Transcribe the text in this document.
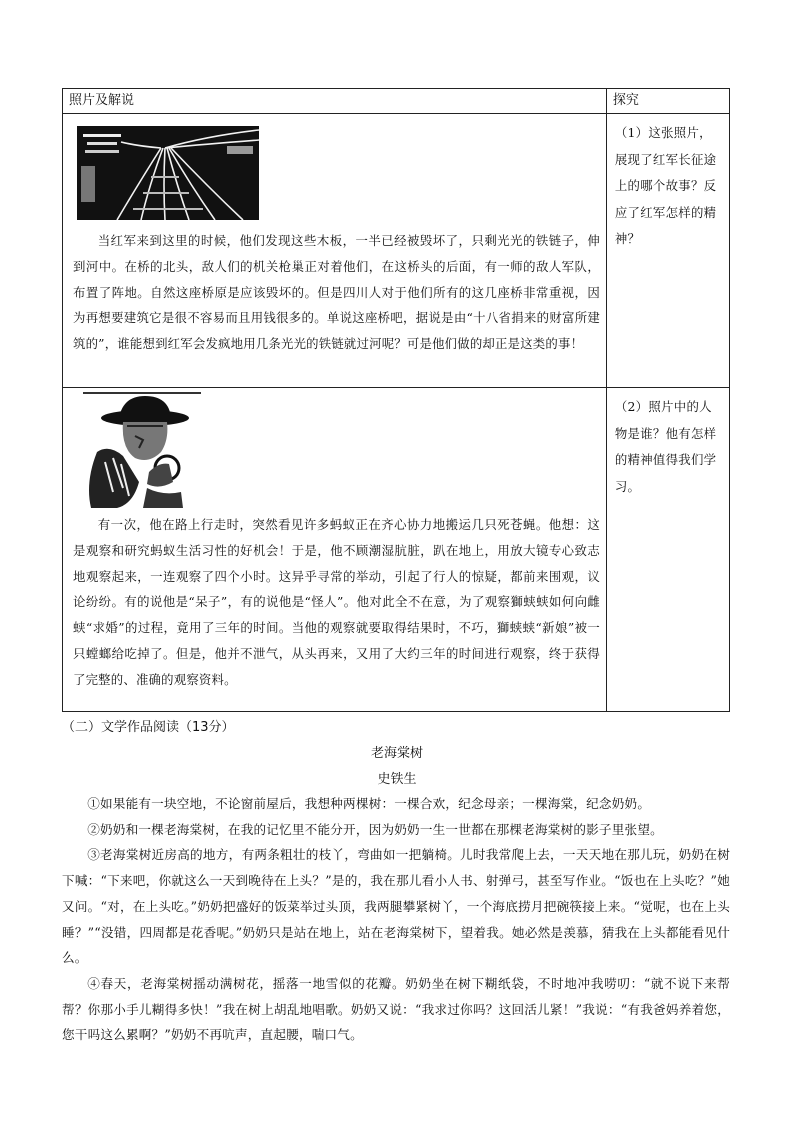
照片及解说	探究

当红军来到这里的时候，他们发现这些木板，一半已经被毁坏了，只剩光光的铁链子，伸到河中。在桥的北头，敌人们的机关枪巢正对着他们，在这桥头的后面，有一师的敌人军队，布置了阵地。自然这座桥原是应该毁坏的。但是四川人对于他们所有的这几座桥非常重视，因为再想要建筑它是很不容易而且用钱很多的。单说这座桥吧，据说是由“十八省捐来的财富所建筑的”，谁能想到红军会发疯地用几条光光的铁链就过河呢？可是他们做的却正是这类的事！	（1）这张照片，展现了红军长征途上的哪个故事？反应了红军怎样的精神？

有一次，他在路上行走时，突然看见许多蚂蚁正在齐心协力地搬运几只死苍蝇。他想：这是观察和研究蚂蚁生活习性的好机会！于是，他不顾潮湿肮脏，趴在地上，用放大镜专心致志地观察起来，一连观察了四个小时。这异乎寻常的举动，引起了行人的惊疑，都前来围观，议论纷纷。有的说他是“呆子”，有的说他是“怪人”。他对此全不在意，为了观察獅蛱蛱如何向雌蛱“求婚”的过程，竟用了三年的时间。当他的观察就要取得结果时，不巧，獅蛱蛱“新娘”被一只螳螂给吃掉了。但是，他并不泄气，从头再来，又用了大约三年的时间进行观察，终于获得了完整的、准确的观察资料。	（2）照片中的人物是谁？他有怎样的精神值得我们学习。
（二）文学作品阅读（13分）
老海棠树
史铁生

①如果能有一块空地，不论窗前屋后，我想种两棵树：一棵合欢，纪念母亲；一棵海棠，纪念奶奶。

②奶奶和一棵老海棠树，在我的记忆里不能分开，因为奶奶一生一世都在那棵老海棠树的影子里张望。

③老海棠树近房高的地方，有两条粗壮的枝丫，弯曲如一把躺椅。儿时我常爬上去，一天天地在那儿玩，奶奶在树下喊：“下来吧，你就这么一天到晚待在上头？”是的，我在那儿看小人书、射弹弓，甚至写作业。“饭也在上头吃？”她又问。“对，在上头吃。”奶奶把盛好的饭菜举过头顶，我两腿攀紧树丫，一个海底捞月把碗筷接上来。“觉呢，也在上头睡？”“没错，四周都是花香呢。”奶奶只是站在地上，站在老海棠树下，望着我。她必然是羡慕，猜我在上头都能看见什么。

④春天，老海棠树摇动满树花，摇落一地雪似的花瓣。奶奶坐在树下糊纸袋，不时地冲我唠叨：“就不说下来帮帮？你那小手儿糊得多快！”我在树上胡乱地唱歌。奶奶又说：“我求过你吗？这回活儿紧！”我说：“有我爸妈养着您，您干吗这么累啊？”奶奶不再吭声，直起腰，喘口气。
